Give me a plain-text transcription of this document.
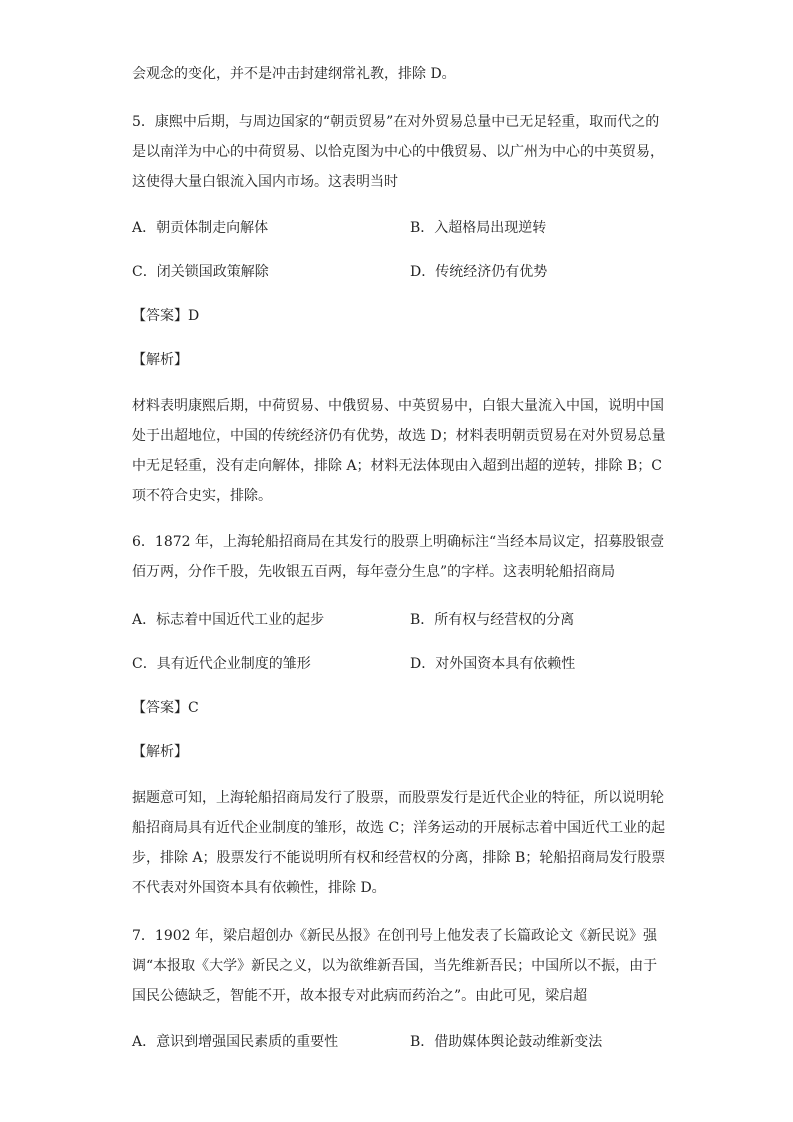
会观念的变化，并不是冲击封建纲常礼教，排除 D。
5．康熙中后期，与周边国家的“朝贡贸易”在对外贸易总量中已无足轻重，取而代之的
是以南洋为中心的中荷贸易、以恰克图为中心的中俄贸易、以广州为中心的中英贸易，
这使得大量白银流入国内市场。这表明当时
A．朝贡体制走向解体	B．入超格局出现逆转
C．闭关锁国政策解除	D．传统经济仍有优势
【答案】D
【解析】
材料表明康熙后期，中荷贸易、中俄贸易、中英贸易中，白银大量流入中国，说明中国
处于出超地位，中国的传统经济仍有优势，故选 D；材料表明朝贡贸易在对外贸易总量
中无足轻重，没有走向解体，排除 A；材料无法体现由入超到出超的逆转，排除 B；C
项不符合史实，排除。
6．1872 年，上海轮船招商局在其发行的股票上明确标注“当经本局议定，招募股银壹
佰万两，分作千股，先收银五百两，每年壹分生息”的字样。这表明轮船招商局
A．标志着中国近代工业的起步	B．所有权与经营权的分离
C．具有近代企业制度的雏形	D．对外国资本具有依赖性
【答案】C
【解析】
据题意可知，上海轮船招商局发行了股票，而股票发行是近代企业的特征，所以说明轮
船招商局具有近代企业制度的雏形，故选 C；洋务运动的开展标志着中国近代工业的起
步，排除 A；股票发行不能说明所有权和经营权的分离，排除 B；轮船招商局发行股票
不代表对外国资本具有依赖性，排除 D。
7．1902 年，梁启超创办《新民丛报》在创刊号上他发表了长篇政论文《新民说》强
调“本报取《大学》新民之义，以为欲维新吾国，当先维新吾民；中国所以不振，由于
国民公德缺乏，智能不开，故本报专对此病而药治之”。由此可见，梁启超
A．意识到增强国民素质的重要性	B．借助媒体舆论鼓动维新变法
